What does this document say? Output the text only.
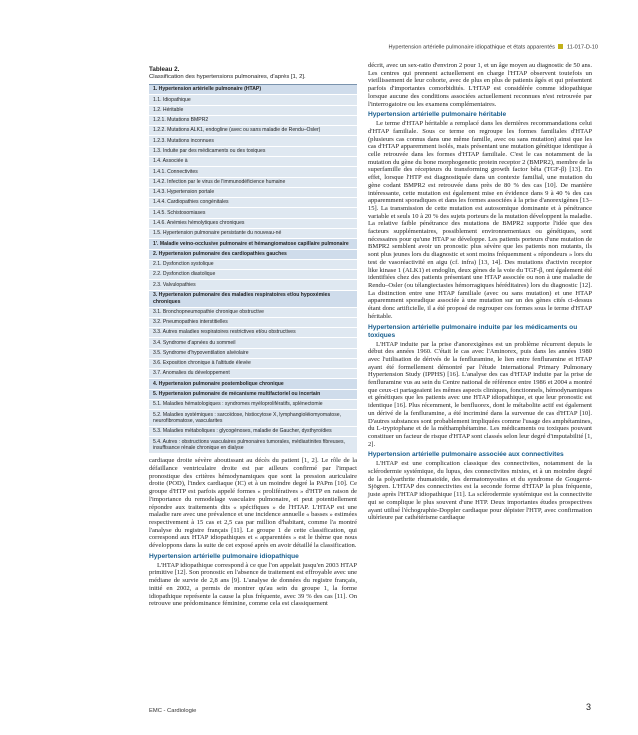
Hypertension artérielle pulmonaire idiopathique et états apparentés 11-017-D-10
Tableau 2.
Classification des hypertensions pulmonaires, d'après [1, 2].
1. Hypertension artérielle pulmonaire (HTAP)
1.1. Idiopathique
1.2. Héritable
1.2.1. Mutations BMPR2
1.2.2. Mutations ALK1, endogline (avec ou sans maladie de Rendu–Osler)
1.2.3. Mutations inconnues
1.3. Induite par des médicaments ou des toxiques
1.4. Associée à
1.4.1. Connectivites
1.4.2. Infection par le virus de l'immunodéficience humaine
1.4.3. Hypertension portale
1.4.4. Cardiopathies congénitales
1.4.5. Schistosomiases
1.4.6. Anémies hémolytiques chroniques
1.5. Hypertension pulmonaire persistante du nouveau-né
1'. Maladie veino-occlusive pulmonaire et hémangiomatose capillaire pulmonaire
2. Hypertension pulmonaire des cardiopathies gauches
2.1. Dysfonction systolique
2.2. Dysfonction diastolique
2.3. Valvulopathies
3. Hypertension pulmonaire des maladies respiratoires et/ou hypoxémies chroniques
3.1. Bronchopneumopathie chronique obstructive
3.2. Pneumopathies interstitielles
3.3. Autres maladies respiratoires restrictives et/ou obstructives
3.4. Syndrome d'apnées du sommeil
3.5. Syndrome d'hypoventilation alvéolaire
3.6. Exposition chronique à l'altitude élevée
3.7. Anomalies du développement
4. Hypertension pulmonaire postembolique chronique
5. Hypertension pulmonaire de mécanisme multifactoriel ou incertain
5.1. Maladies hématologiques : syndromes myéloprolifératifs, splénectomie
5.2. Maladies systémiques : sarcoïdose, histiocytose X, lymphangioléiomyomatose, neurofibromatose, vascularites
5.3. Maladies métaboliques : glycogénoses, maladie de Gaucher, dysthyroïdies
5.4. Autres : obstructions vasculaires pulmonaires tumorales, médiastinites fibreuses, insuffisance rénale chronique en dialyse

cardiaque droite sévère aboutissant au décès du patient [1, 2]. Le rôle de la défaillance ventriculaire droite est par ailleurs confirmé par l'impact pronostique des critères hémodynamiques que sont la pression auriculaire droite (POD), l'index cardiaque (IC) et à un moindre degré la PAPm [10]. Ce groupe d'HTP est parfois appelé formes « prolifératives » d'HTP en raison de l'importance du remodelage vasculaire pulmonaire, et peut potentiellement répondre aux traitements dits « spécifiques » de l'HTAP. L'HTAP est une maladie rare avec une prévalence et une incidence annuelle « basses » estimées respectivement à 15 cas et 2,5 cas par million d'habitant, comme l'a montré l'analyse du registre français [11]. Le groupe 1 de cette classification, qui correspond aux HTAP idiopathiques et « apparentées » est le thème que nous développons dans la suite de cet exposé après en avoir détaillé la classification.

Hypertension artérielle pulmonaire idiopathique

L'HTAP idiopathique correspond à ce que l'on appelait jusqu'en 2003 HTAP primitive [12]. Son pronostic en l'absence de traitement est effroyable avec une médiane de survie de 2,8 ans [9]. L'analyse de données du registre français, initié en 2002, a permis de montrer qu'au sein du groupe 1, la forme idiopathique représente la cause la plus fréquente, avec 39 % des cas [11]. On retrouve une prédominance féminine, comme cela est classiquement

décrit, avec un sex-ratio d'environ 2 pour 1, et un âge moyen au diagnostic de 50 ans. Les centres qui prennent actuellement en charge l'HTAP observent toutefois un vieillissement de leur cohorte, avec de plus en plus de patients âgés et qui présentent parfois d'importantes comorbidités. L'HTAP est considérée comme idiopathique lorsque aucune des conditions associées actuellement reconnues n'est retrouvée par l'interrogatoire ou les examens complémentaires.

Hypertension artérielle pulmonaire héritable

Le terme d'HTAP héritable a remplacé dans les dernières recommandations celui d'HTAP familiale. Sous ce terme on regroupe les formes familiales d'HTAP (plusieurs cas connus dans une même famille, avec ou sans mutation) ainsi que les cas d'HTAP apparemment isolés, mais présentant une mutation génétique identique à celle retrouvée dans les formes d'HTAP familiale. C'est le cas notamment de la mutation du gène du bone morphogenetic protein receptor 2 (BMPR2), membre de la superfamille des récepteurs du transforming growth factor bêta (TGF-β) [13]. En effet, lorsque l'HTP est diagnostiquée dans un contexte familial, une mutation du gène codant BMPR2 est retrouvée dans près de 80 % des cas [10]. De manière intéressante, cette mutation est également mise en évidence dans 9 à 40 % des cas apparemment sporadiques et dans les formes associées à la prise d'anorexigènes [13–15]. La transmission de cette mutation est autosomique dominante et à pénétrance variable et seuls 10 à 20 % des sujets porteurs de la mutation développent la maladie. La relative faible pénétrance des mutations de BMPR2 supporte l'idée que des facteurs supplémentaires, possiblement environnementaux ou génétiques, sont nécessaires pour qu'une HTAP se développe. Les patients porteurs d'une mutation de BMPR2 semblent avoir un pronostic plus sévère que les patients non mutants, ils sont plus jeunes lors du diagnostic et sont moins fréquemment « répondeurs » lors du test de vasoréactivité en aigu (cf. infra) [13, 14]. Des mutations d'activin receptor like kinase 1 (ALK1) et endoglin, deux gènes de la voie du TGF-β, ont également été identifiées chez des patients présentant une HTAP associée ou non à une maladie de Rendu–Osler (ou télangiectasies hémorragiques héréditaires) lors du diagnostic [12]. La distinction entre une HTAP familiale (avec ou sans mutation) et une HTAP apparemment sporadique associée à une mutation sur un des gènes cités ci-dessus étant donc artificielle, il a été proposé de regrouper ces formes sous le terme d'HTAP héritable.

Hypertension artérielle pulmonaire induite par les médicaments ou toxiques

L'HTAP induite par la prise d'anorexigènes est un problème récurrent depuis le début des années 1960. C'était le cas avec l'Aminorex, puis dans les années 1980 avec l'utilisation de dérivés de la fenfluramine, le lien entre fenfluramine et HTAP ayant été formellement démontré par l'étude International Primary Pulmonary Hypertension Study (IPPHS) [16]. L'analyse des cas d'HTAP induite par la prise de fenfluramine vus au sein du Centre national de référence entre 1986 et 2004 a montré que ceux-ci partageaient les mêmes aspects cliniques, fonctionnels, hémodynamiques et génétiques que les patients avec une HTAP idiopathique, et que leur pronostic est identique [16]. Plus récemment, le benfluorex, dont le métabolite actif est également un dérivé de la fenfluramine, a été incriminé dans la survenue de cas d'HTAP [10]. D'autres substances sont probablement impliquées comme l'usage des amphétamines, du L-tryptophane et de la méthamphétamine. Les médicaments ou toxiques pouvant constituer un facteur de risque d'HTAP sont classés selon leur degré d'imputabilité [1, 2].

Hypertension artérielle pulmonaire associée aux connectivites

L'HTAP est une complication classique des connectivites, notamment de la sclérodermie systémique, du lupus, des connectivites mixtes, et à un moindre degré de la polyarthrite rhumatoïde, des dermatomyosites et du syndrome de Gougerot-Sjögren. L'HTAP des connectivites est la seconde forme d'HTAP la plus fréquente, juste après l'HTAP idiopathique [11]. La sclérodermie systémique est la connectivite qui se complique le plus souvent d'une HTP. Deux importantes études prospectives ayant utilisé l'échographie-Doppler cardiaque pour dépister l'HTP, avec confirmation ultérieure par cathétérisme cardiaque

EMC - Cardiologie	3
